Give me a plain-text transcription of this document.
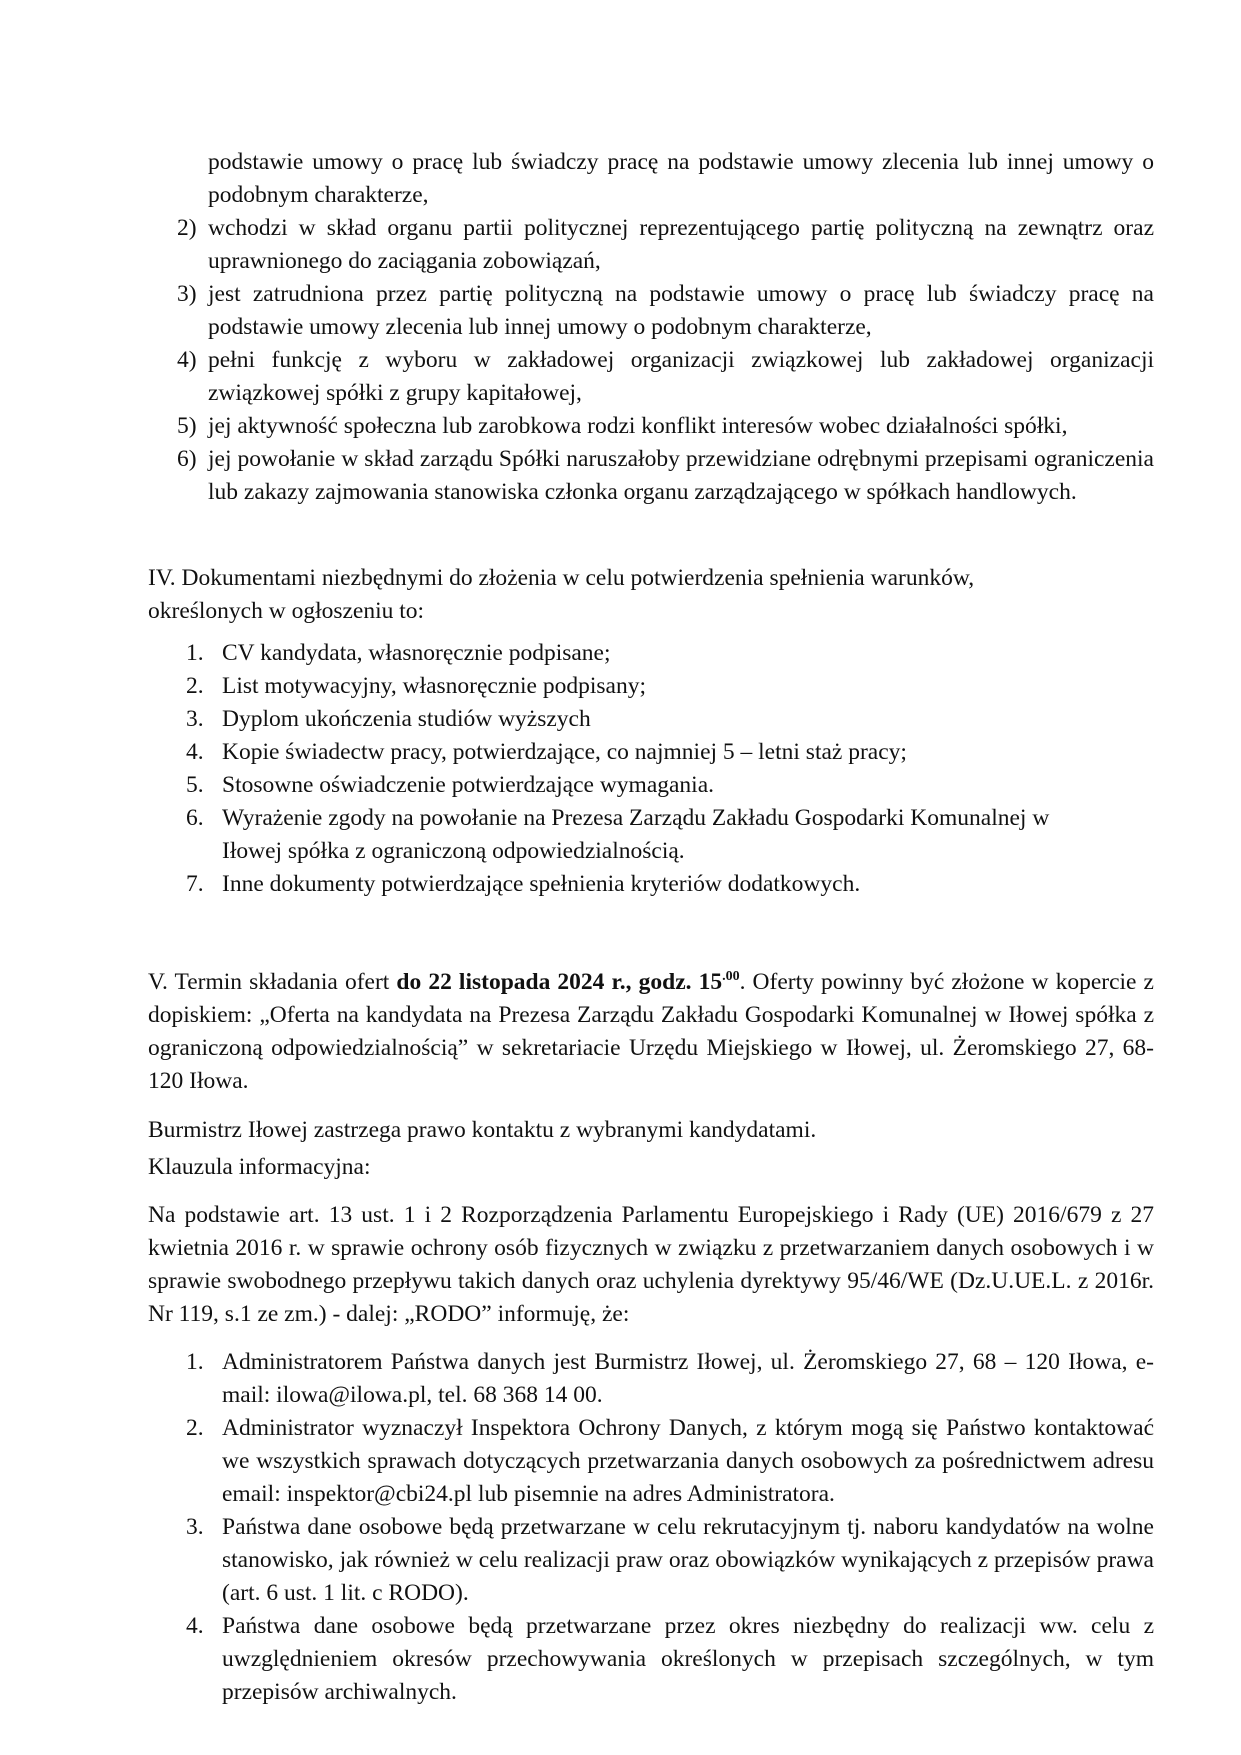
podstawie umowy o pracę lub świadczy pracę na podstawie umowy zlecenia lub innej umowy o podobnym charakterze,

2) wchodzi w skład organu partii politycznej reprezentującego partię polityczną na zewnątrz oraz uprawnionego do zaciągania zobowiązań,
3) jest zatrudniona przez partię polityczną na podstawie umowy o pracę lub świadczy pracę na podstawie umowy zlecenia lub innej umowy o podobnym charakterze,
4) pełni funkcję z wyboru w zakładowej organizacji związkowej lub zakładowej organizacji związkowej spółki z grupy kapitałowej,
5) jej aktywność społeczna lub zarobkowa rodzi konflikt interesów wobec działalności spółki,
6) jej powołanie w skład zarządu Spółki naruszałoby przewidziane odrębnymi przepisami ograniczenia lub zakazy zajmowania stanowiska członka organu zarządzającego w spółkach handlowych.

IV. Dokumentami niezbędnymi do złożenia w celu potwierdzenia spełnienia warunków, określonych w ogłoszeniu to:

1. CV kandydata, własnoręcznie podpisane;
2. List motywacyjny, własnoręcznie podpisany;
3. Dyplom ukończenia studiów wyższych
4. Kopie świadectw pracy, potwierdzające, co najmniej 5 – letni staż pracy;
5. Stosowne oświadczenie potwierdzające wymagania.
6. Wyrażenie zgody na powołanie na Prezesa Zarządu Zakładu Gospodarki Komunalnej w Iłowej spółka z ograniczoną odpowiedzialnością.
7. Inne dokumenty potwierdzające spełnienia kryteriów dodatkowych.

V. Termin składania ofert do 22 listopada 2024 r., godz. $15^{.00}$. Oferty powinny być złożone w kopercie z dopiskiem: „Oferta na kandydata na Prezesa Zarządu Zakładu Gospodarki Komunalnej w Iłowej spółka z ograniczoną odpowiedzialnością” w sekretariacie Urzędu Miejskiego w Iłowej, ul. Żeromskiego 27, 68-120 Iłowa.

Burmistrz Iłowej zastrzega prawo kontaktu z wybranymi kandydatami.

Klauzula informacyjna:

Na podstawie art. 13 ust. 1 i 2 Rozporządzenia Parlamentu Europejskiego i Rady (UE) 2016/679 z 27 kwietnia 2016 r. w sprawie ochrony osób fizycznych w związku z przetwarzaniem danych osobowych i w sprawie swobodnego przepływu takich danych oraz uchylenia dyrektywy 95/46/WE (Dz.U.UE.L. z 2016r. Nr 119, s.1 ze zm.) - dalej: „RODO” informuję, że:

1. Administratorem Państwa danych jest Burmistrz Iłowej, ul. Żeromskiego 27, 68 – 120 Iłowa, e-mail: ilowa@ilowa.pl, tel. 68 368 14 00.
2. Administrator wyznaczył Inspektora Ochrony Danych, z którym mogą się Państwo kontaktować we wszystkich sprawach dotyczących przetwarzania danych osobowych za pośrednictwem adresu email: inspektor@cbi24.pl lub pisemnie na adres Administratora.
3. Państwa dane osobowe będą przetwarzane w celu rekrutacyjnym tj. naboru kandydatów na wolne stanowisko, jak również w celu realizacji praw oraz obowiązków wynikających z przepisów prawa (art. 6 ust. 1 lit. c RODO).
4. Państwa dane osobowe będą przetwarzane przez okres niezbędny do realizacji ww. celu z uwzględnieniem okresów przechowywania określonych w przepisach szczególnych, w tym przepisów archiwalnych.
